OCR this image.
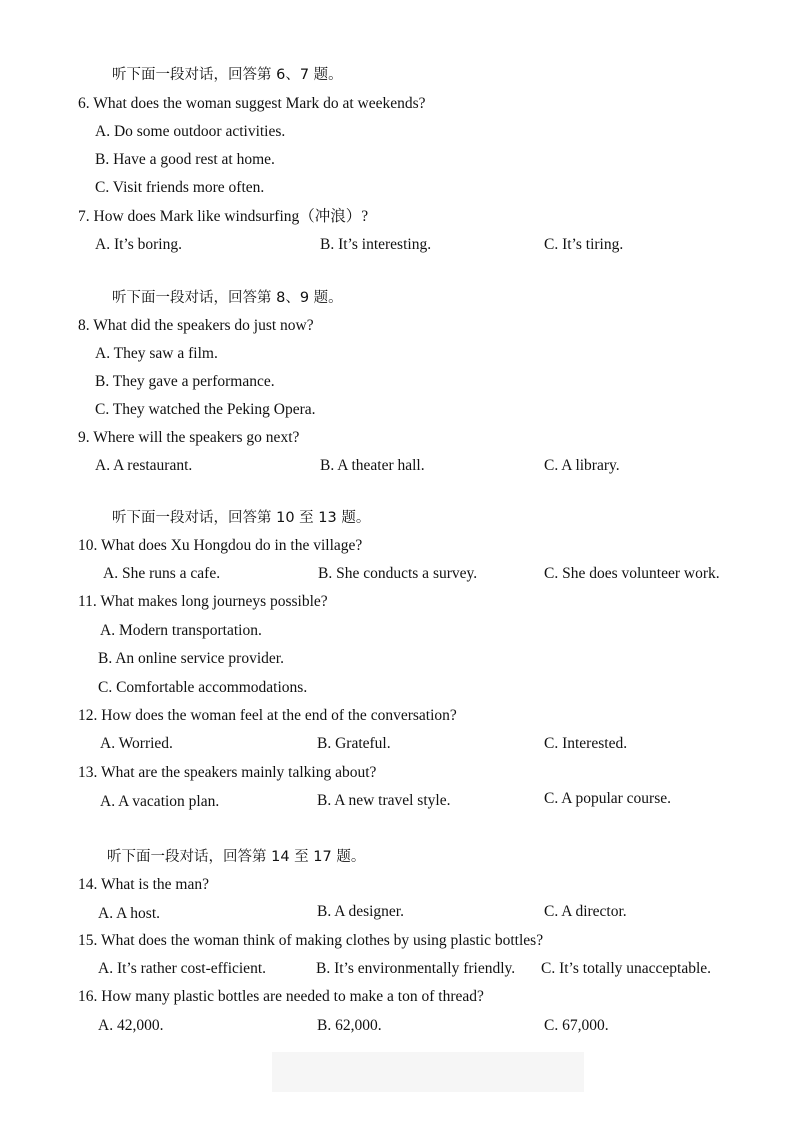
听下面一段对话，回答第 6、7 题。
6. What does the woman suggest Mark do at weekends?
A. Do some outdoor activities.
B. Have a good rest at home.
C. Visit friends more often.
7. How does Mark like windsurfing（冲浪）?
A. It’s boring.	B. It’s interesting.	C. It’s tiring.
听下面一段对话，回答第 8、9 题。
8. What did the speakers do just now?
A. They saw a film.
B. They gave a performance.
C. They watched the Peking Opera.
9. Where will the speakers go next?
A. A restaurant.	B. A theater hall.	C. A library.
听下面一段对话，回答第 10 至 13 题。
10. What does Xu Hongdou do in the village?
A. She runs a cafe.	B. She conducts a survey.	C. She does volunteer work.
11. What makes long journeys possible?
A. Modern transportation.
B. An online service provider.
C. Comfortable accommodations.
12. How does the woman feel at the end of the conversation?
A. Worried.	B. Grateful.	C. Interested.
13. What are the speakers mainly talking about?
A. A vacation plan.	B. A new travel style.	C. A popular course.
听下面一段对话，回答第 14 至 17 题。
14. What is the man?
A. A host.	B. A designer.	C. A director.
15. What does the woman think of making clothes by using plastic bottles?
A. It’s rather cost-efficient.	B. It’s environmentally friendly. C. It’s totally unacceptable.
16. How many plastic bottles are needed to make a ton of thread?
A. 42,000.	B. 62,000.	C. 67,000.
